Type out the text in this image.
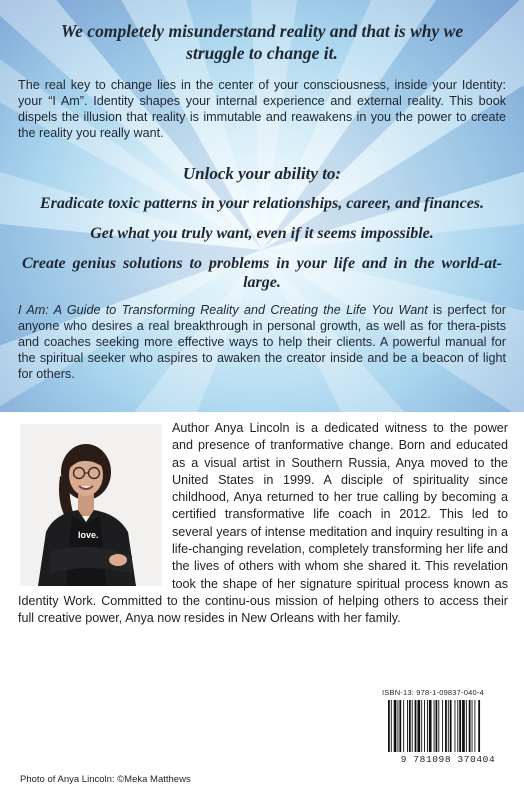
We completely misunderstand reality and that is why we struggle to change it.

The real key to change lies in the center of your consciousness, inside your Identity: your “I Am”. Identity shapes your internal experience and external reality. This book dispels the illusion that reality is immutable and reawakens in you the power to create the reality you really want.

Unlock your ability to:
Eradicate toxic patterns in your relationships, career, and finances.
Get what you truly want, even if it seems impossible.
Create genius solutions to problems in your life and in the world-at-large.

I Am: A Guide to Transforming Reality and Creating the Life You Want is perfect for anyone who desires a real breakthrough in personal growth, as well as for thera-pists and coaches seeking more effective ways to help their clients. A powerful manual for the spiritual seeker who aspires to awaken the creator inside and be a beacon of light for others.

love.

Author Anya Lincoln is a dedicated witness to the power and presence of tranformative change. Born and educated as a visual artist in Southern Russia, Anya moved to the United States in 1999. A disciple of spirituality since childhood, Anya returned to her true calling by becoming a certified transformative life coach in 2012. This led to several years of intense meditation and inquiry resulting in a life-changing revelation, completely transforming her life and the lives of others with whom she shared it. This revelation took the shape of her signature spiritual process known as Identity Work. Committed to the continu-ous mission of helping others to access their full creative power, Anya now resides in New Orleans with her family.

ISBN-13: 978-1-09837-040-4
9 781098 370404
Photo of Anya Lincoln: ©Meka Matthews
